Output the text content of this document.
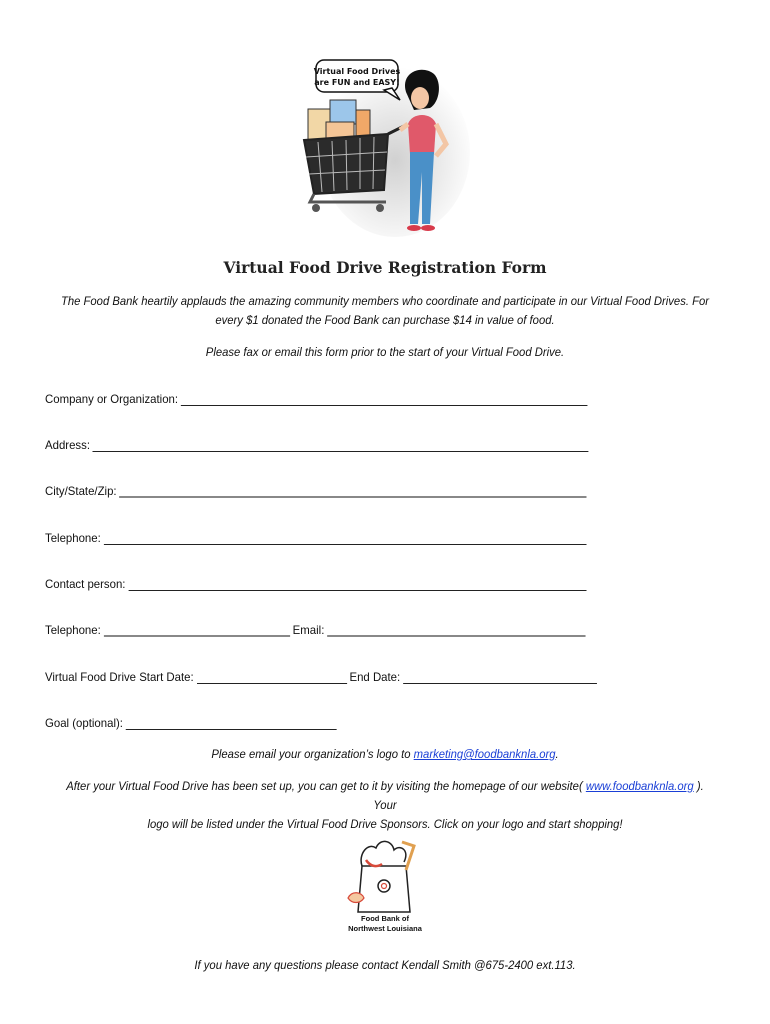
Virtual Food Drives
are FUN and EASY!
Virtual Food Drive Registration Form
The Food Bank heartily applauds the amazing community members who coordinate and participate in our Virtual Food Drives. For
every $1 donated the Food Bank can purchase $14 in value of food.
Please fax or email this form prior to the start of your Virtual Food Drive.
Company or Organization:
Address:
City/State/Zip:
Telephone:
Contact person:
Telephone:	Email:
Virtual Food Drive Start Date:	End Date:
Goal (optional):
Please email your organization’s logo to marketing@foodbanknla.org.
After your Virtual Food Drive has been set up, you can get to it by visiting the homepage of our website( www.foodbanknla.org ). Your
logo will be listed under the Virtual Food Drive Sponsors. Click on your logo and start shopping!
Food Bank of
Northwest Louisiana
If you have any questions please contact Kendall Smith @675-2400 ext.113.
